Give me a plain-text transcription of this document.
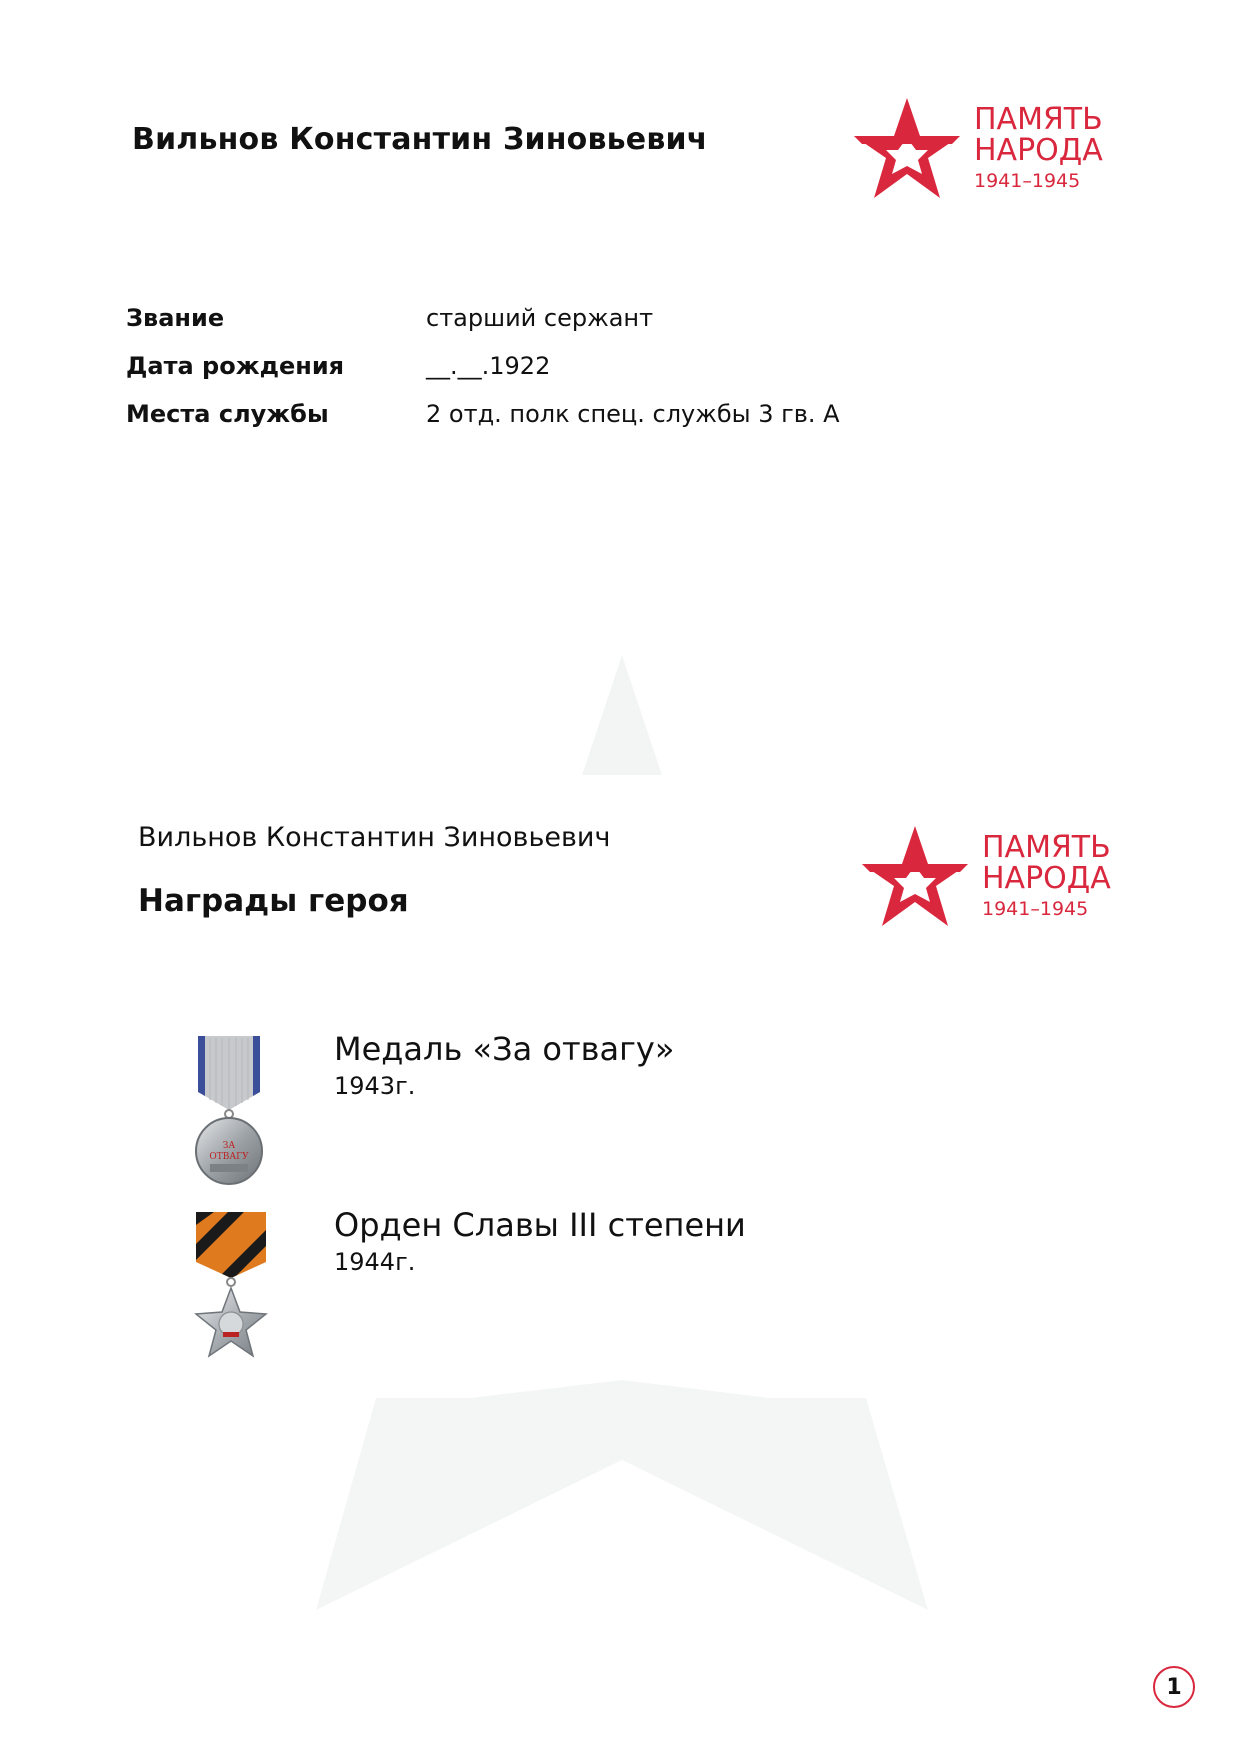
Вильнов Константин Зиновьевич
ПАМЯТЬ
НАРОДА
1941–1945
Звание	старший сержант
Дата рождения	__.__.1922
Места службы	2 отд. полк спец. службы 3 гв. А
Вильнов Константин Зиновьевич
Награды героя
ПАМЯТЬ
НАРОДА
1941–1945
ЗА
ОТВАГУ
Медаль «За отвагу»
1943г.
Орден Славы III степени
1944г.
1
